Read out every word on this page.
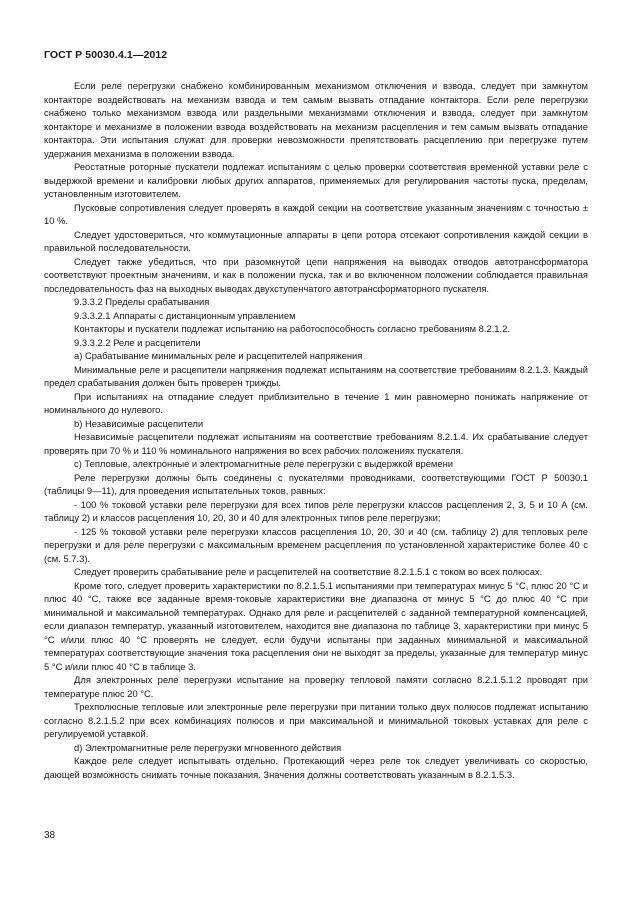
ГОСТ Р 50030.4.1—2012

Если реле перегрузки снабжено комбинированным механизмом отключения и взвода, следует при замкнутом контакторе воздействовать на механизм взвода и тем самым вызвать отпадание контактора. Если реле перегрузки снабжено только механизмом взвода или раздельными механизмами отключения и взвода, следует при замкнутом контакторе и механизме в положении взвода воздействовать на механизм расцепления и тем самым вызвать отпадание контактора. Эти испытания служат для проверки невозможности препятствовать расцеплению при перегрузке путем удержания механизма в положении взвода.

Реостатные роторные пускатели подлежат испытаниям с целью проверки соответствия временной уставки реле с выдержкой времени и калибровки любых других аппаратов, применяемых для регулирования частоты пуска, пределам, установленным изготовителем.

Пусковые сопротивления следует проверять в каждой секции на соответствие указанным значениям с точностью ± 10 %.

Следует удостовериться, что коммутационные аппараты в цепи ротора отсекают сопротивления каждой секции в правильной последовательности.

Следует также убедиться, что при разомкнутой цепи напряжения на выводах отводов автотрансформатора соответствуют проектным значениям, и как в положении пуска, так и во включенном положении соблюдается правильная последовательность фаз на выходных выводах двухступенчатого автотрансформаторного пускателя.

9.3.3.2 Пределы срабатывания

9.3.3.2.1 Аппараты с дистанционным управлением

Контакторы и пускатели подлежат испытанию на работоспособность согласно требованиям 8.2.1.2.

9.3.3.2.2 Реле и расцепители

а) Срабатывание минимальных реле и расцепителей напряжения

Минимальные реле и расцепители напряжения подлежат испытаниям на соответствие требованиям 8.2.1.3. Каждый предел срабатывания должен быть проверен трижды.

При испытаниях на отпадание следует приблизительно в течение 1 мин равномерно понижать напряжение от номинального до нулевого.

b) Независимые расцепители

Независимые расцепители подлежат испытаниям на соответствие требованиям 8.2.1.4. Их срабатывание следует проверять при 70 % и 110 % номинального напряжения во всех рабочих положениях пускателя.

с) Тепловые, электронные и электромагнитные реле перегрузки с выдержкой времени

Реле перегрузки должны быть соединены с пускателями проводниками, соответствующими ГОСТ Р 50030.1 (таблицы 9—11), для проведения испытательных токов, равных:

- 100 % токовой уставки реле перегрузки для всех типов реле перегрузки классов расцепления 2, 3, 5 и 10 А (см. таблицу 2) и классов расцепления 10, 20, 30 и 40 для электронных типов реле перегрузки;

- 125 % токовой уставки реле перегрузки классов расцепления 10, 20, 30 и 40 (см. таблицу 2) для тепловых реле перегрузки и для реле перегрузки с максимальным временем расцепления по установленной характеристике более 40 с (см. 5.7.3).

Следует проверить срабатывание реле и расцепителей на соответствие 8.2.1.5.1 с током во всех полюсах.

Кроме того, следует проверить характеристики по 8.2.1.5.1 испытаниями при температурах минус 5 °С, плюс 20 °С и плюс 40 °С, также все заданные время-токовые характеристики вне диапазона от минус 5 °С до плюс 40 °С при минимальной и максимальной температурах. Однако для реле и расцепителей с заданной температурной компенсацией, если диапазон температур, указанный изготовителем, находится вне диапазона по таблице 3, характеристики при минус 5 °С и/или плюс 40 °С проверять не следует, если будучи испытаны при заданных минимальной и максимальной температурах соответствующие значения тока расцепления они не выходят за пределы, указанные для температур минус 5 °С и/или плюс 40 °С в таблице 3.

Для электронных реле перегрузки испытание на проверку тепловой памяти согласно 8.2.1.5.1.2 проводят при температуре плюс 20 °С.

Трехполюсные тепловые или электронные реле перегрузки при питании только двух полюсов подлежат испытанию согласно 8.2.1.5.2 при всех комбинациях полюсов и при максимальной и минимальной токовых уставках для реле с регулируемой уставкой.

d) Электромагнитные реле перегрузки мгновенного действия

Каждое реле следует испытывать отдельно. Протекающий через реле ток следует увеличивать со скоростью, дающей возможность снимать точные показания. Значения должны соответствовать указанным в 8.2.1.5.3.

38
